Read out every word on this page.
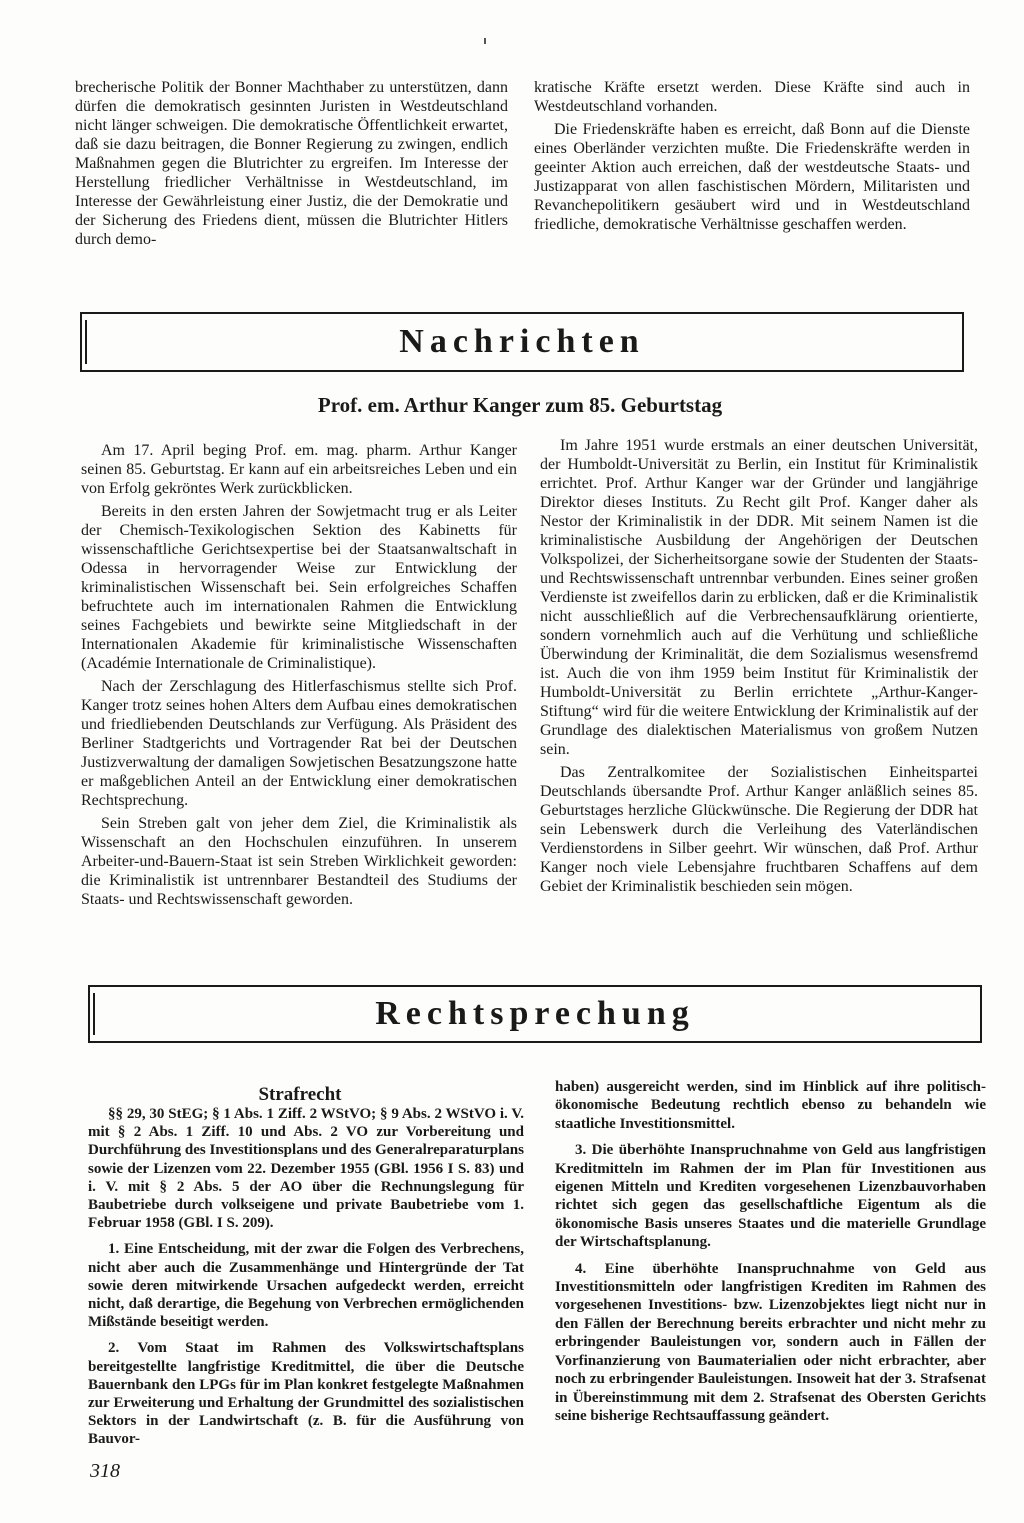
brecherische Politik der Bonner Machthaber zu unterstützen, dann dürfen die demokratisch gesinnten Juristen in Westdeutschland nicht länger schweigen. Die demokratische Öffentlichkeit erwartet, daß sie dazu beitragen, die Bonner Regierung zu zwingen, endlich Maßnahmen gegen die Blutrichter zu ergreifen. Im Interesse der Herstellung friedlicher Verhältnisse in Westdeutschland, im Interesse der Gewährleistung einer Justiz, die der Demokratie und der Sicherung des Friedens dient, müssen die Blutrichter Hitlers durch demo-

kratische Kräfte ersetzt werden. Diese Kräfte sind auch in Westdeutschland vorhanden.

Die Friedenskräfte haben es erreicht, daß Bonn auf die Dienste eines Oberländer verzichten mußte. Die Friedenskräfte werden in geeinter Aktion auch erreichen, daß der westdeutsche Staats- und Justizapparat von allen faschistischen Mördern, Militaristen und Revanchepolitikern gesäubert wird und in Westdeutschland friedliche, demokratische Verhältnisse geschaffen werden.

Nachrichten
Prof. em. Arthur Kanger zum 85. Geburtstag

Am 17. April beging Prof. em. mag. pharm. Arthur Kanger seinen 85. Geburtstag. Er kann auf ein arbeitsreiches Leben und ein von Erfolg gekröntes Werk zurückblicken.

Bereits in den ersten Jahren der Sowjetmacht trug er als Leiter der Chemisch-Texikologischen Sektion des Kabinetts für wissenschaftliche Gerichtsexpertise bei der Staatsanwaltschaft in Odessa in hervorragender Weise zur Entwicklung der kriminalistischen Wissenschaft bei. Sein erfolgreiches Schaffen befruchtete auch im internationalen Rahmen die Entwicklung seines Fachgebiets und bewirkte seine Mitgliedschaft in der Internationalen Akademie für kriminalistische Wissenschaften (Académie Internationale de Criminalistique).

Nach der Zerschlagung des Hitlerfaschismus stellte sich Prof. Kanger trotz seines hohen Alters dem Aufbau eines demokratischen und friedliebenden Deutschlands zur Verfügung. Als Präsident des Berliner Stadtgerichts und Vortragender Rat bei der Deutschen Justizverwaltung der damaligen Sowjetischen Besatzungszone hatte er maßgeblichen Anteil an der Entwicklung einer demokratischen Rechtsprechung.

Sein Streben galt von jeher dem Ziel, die Kriminalistik als Wissenschaft an den Hochschulen einzuführen. In unserem Arbeiter-und-Bauern-Staat ist sein Streben Wirklichkeit geworden: die Kriminalistik ist untrennbarer Bestandteil des Studiums der Staats- und Rechtswissenschaft geworden.

Im Jahre 1951 wurde erstmals an einer deutschen Universität, der Humboldt-Universität zu Berlin, ein Institut für Kriminalistik errichtet. Prof. Arthur Kanger war der Gründer und langjährige Direktor dieses Instituts. Zu Recht gilt Prof. Kanger daher als Nestor der Kriminalistik in der DDR. Mit seinem Namen ist die kriminalistische Ausbildung der Angehörigen der Deutschen Volkspolizei, der Sicherheitsorgane sowie der Studenten der Staats- und Rechtswissenschaft untrennbar verbunden. Eines seiner großen Verdienste ist zweifellos darin zu erblicken, daß er die Kriminalistik nicht ausschließlich auf die Verbrechensaufklärung orientierte, sondern vornehmlich auch auf die Verhütung und schließliche Überwindung der Kriminalität, die dem Sozialismus wesensfremd ist. Auch die von ihm 1959 beim Institut für Kriminalistik der Humboldt-Universität zu Berlin errichtete „Arthur-Kanger-Stiftung“ wird für die weitere Entwicklung der Kriminalistik auf der Grundlage des dialektischen Materialismus von großem Nutzen sein.

Das Zentralkomitee der Sozialistischen Einheitspartei Deutschlands übersandte Prof. Arthur Kanger anläßlich seines 85. Geburtstages herzliche Glückwünsche. Die Regierung der DDR hat sein Lebenswerk durch die Verleihung des Vaterländischen Verdienstordens in Silber geehrt. Wir wünschen, daß Prof. Arthur Kanger noch viele Lebensjahre fruchtbaren Schaffens auf dem Gebiet der Kriminalistik beschieden sein mögen.

Rechtsprechung
Strafrecht

§§ 29, 30 StEG; § 1 Abs. 1 Ziff. 2 WStVO; § 9 Abs. 2 WStVO i. V. mit § 2 Abs. 1 Ziff. 10 und Abs. 2 VO zur Vorbereitung und Durchführung des Investitionsplans und des Generalreparaturplans sowie der Lizenzen vom 22. Dezember 1955 (GBl. 1956 I S. 83) und i. V. mit § 2 Abs. 5 der AO über die Rechnungslegung für Baubetriebe durch volkseigene und private Baubetriebe vom 1. Februar 1958 (GBl. I S. 209).

1. Eine Entscheidung, mit der zwar die Folgen des Verbrechens, nicht aber auch die Zusammenhänge und Hintergründe der Tat sowie deren mitwirkende Ursachen aufgedeckt werden, erreicht nicht, daß derartige, die Begehung von Verbrechen ermöglichenden Mißstände beseitigt werden.

2. Vom Staat im Rahmen des Volkswirtschaftsplans bereitgestellte langfristige Kreditmittel, die über die Deutsche Bauernbank den LPGs für im Plan konkret festgelegte Maßnahmen zur Erweiterung und Erhaltung der Grundmittel des sozialistischen Sektors in der Landwirtschaft (z. B. für die Ausführung von Bauvor-

haben) ausgereicht werden, sind im Hinblick auf ihre politisch-ökonomische Bedeutung rechtlich ebenso zu behandeln wie staatliche Investitionsmittel.

3. Die überhöhte Inanspruchnahme von Geld aus langfristigen Kreditmitteln im Rahmen der im Plan für Investitionen aus eigenen Mitteln und Krediten vorgesehenen Lizenzbauvorhaben richtet sich gegen das gesellschaftliche Eigentum als die ökonomische Basis unseres Staates und die materielle Grundlage der Wirtschaftsplanung.

4. Eine überhöhte Inanspruchnahme von Geld aus Investitionsmitteln oder langfristigen Krediten im Rahmen des vorgesehenen Investitions- bzw. Lizenzobjektes liegt nicht nur in den Fällen der Berechnung bereits erbrachter und nicht mehr zu erbringender Bauleistungen vor, sondern auch in Fällen der Vorfinanzierung von Baumaterialien oder nicht erbrachter, aber noch zu erbringender Bauleistungen. Insoweit hat der 3. Strafsenat in Übereinstimmung mit dem 2. Strafsenat des Obersten Gerichts seine bisherige Rechtsauffassung geändert.

318
